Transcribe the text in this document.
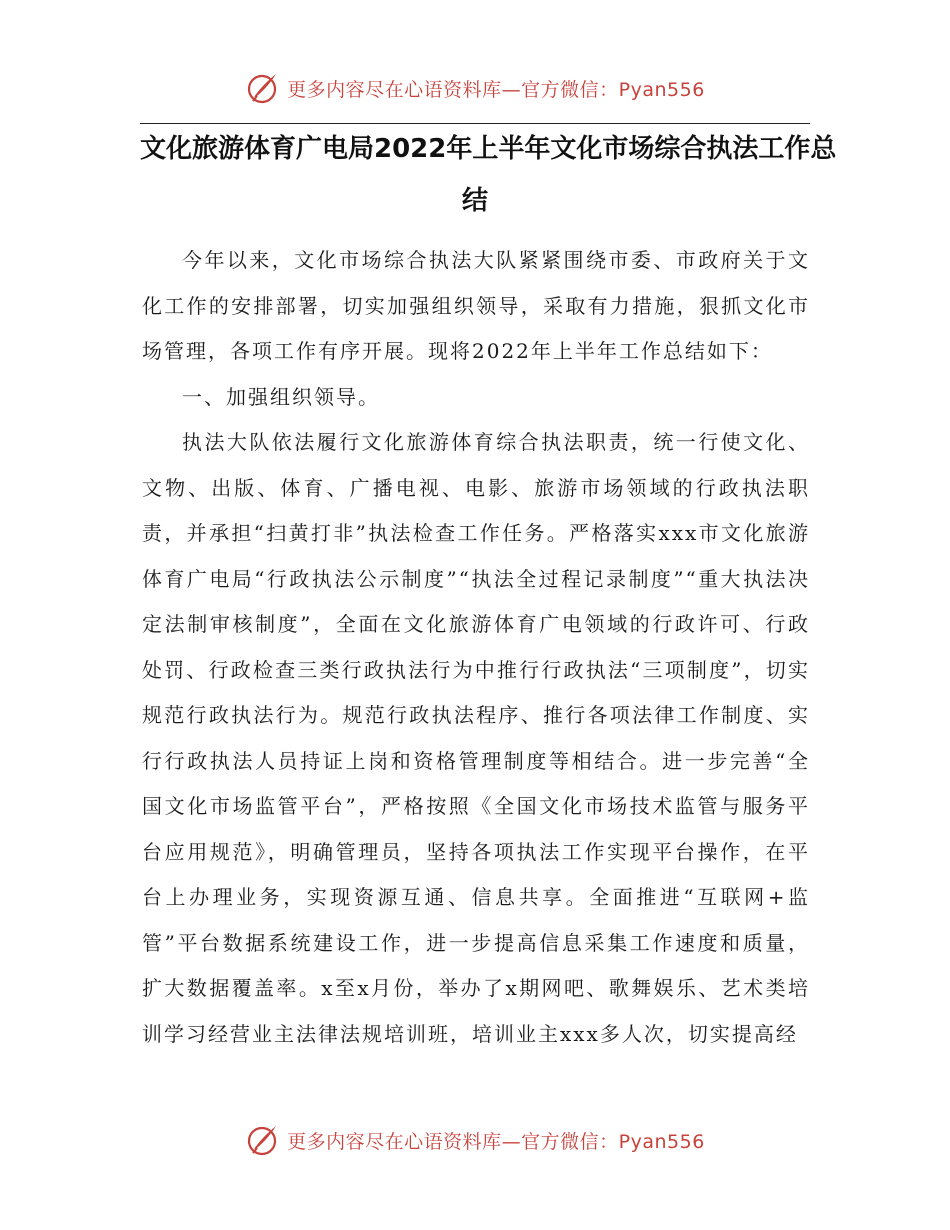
更多内容尽在心语资料库—官方微信：Pyan556
文化旅游体育广电局2022年上半年文化市场综合执法工作总
结

今年以来，文化市场综合执法大队紧紧围绕市委、市政府关于文化工作的安排部署，切实加强组织领导，采取有力措施，狠抓文化市场管理，各项工作有序开展。现将2022年上半年工作总结如下：

一、加强组织领导。

执法大队依法履行文化旅游体育综合执法职责，统一行使文化、文物、出版、体育、广播电视、电影、旅游市场领域的行政执法职责，并承担“扫黄打非”执法检查工作任务。严格落实xxx市文化旅游体育广电局“行政执法公示制度”“执法全过程记录制度”“重大执法决定法制审核制度”，全面在文化旅游体育广电领域的行政许可、行政处罚、行政检查三类行政执法行为中推行行政执法“三项制度”，切实规范行政执法行为。规范行政执法程序、推行各项法律工作制度、实行行政执法人员持证上岗和资格管理制度等相结合。进一步完善“全国文化市场监管平台”，严格按照《全国文化市场技术监管与服务平台应用规范》，明确管理员，坚持各项执法工作实现平台操作，在平台上办理业务，实现资源互通、信息共享。全面推进“互联网+监管”平台数据系统建设工作，进一步提高信息采集工作速度和质量，扩大数据覆盖率。x至x月份，举办了x期网吧、歌舞娱乐、艺术类培训学习经营业主法律法规培训班，培训业主xxx多人次，切实提高经

更多内容尽在心语资料库—官方微信：Pyan556
